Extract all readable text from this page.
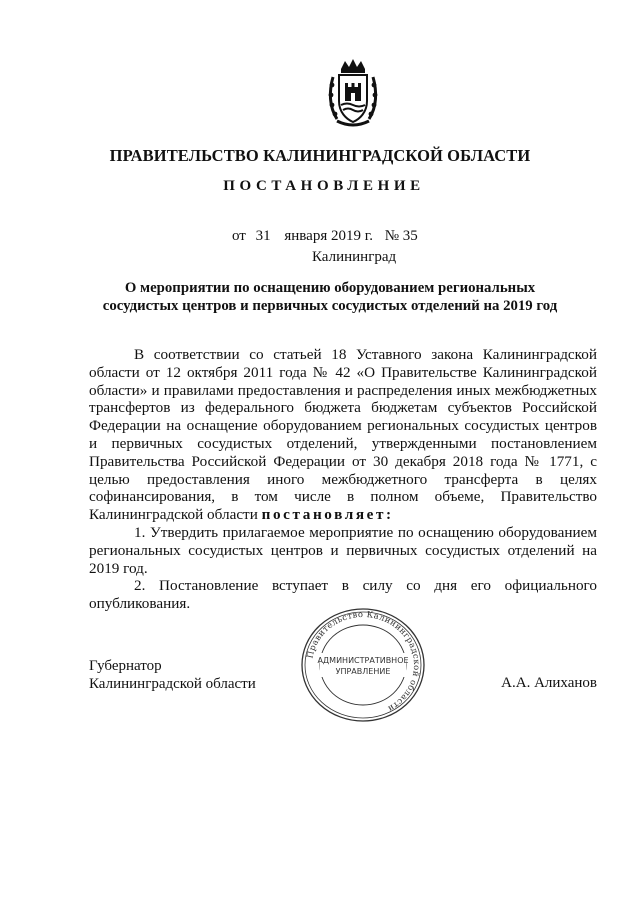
ПРАВИТЕЛЬСТВО КАЛИНИНГРАДСКОЙ ОБЛАСТИ
ПОСТАНОВЛЕНИЕ
от 31 января 2019 г. № 35
Калининград
О мероприятии по оснащению оборудованием региональных
сосудистых центров и первичных сосудистых отделений на 2019 год

В соответствии со статьей 18 Уставного закона Калининградской области от 12 октября 2011 года № 42 «О Правительстве Калининградской области» и правилами предоставления и распределения иных межбюджетных трансфертов из федерального бюджета бюджетам субъектов Российской Федерации на оснащение оборудованием региональных сосудистых центров и первичных сосудистых отделений, утвержденными постановлением Правительства Российской Федерации от 30 декабря 2018 года № 1771, с целью предоставления иного межбюджетного трансферта в целях софинансирования, в том числе в полном объеме, Правительство Калининградской области постановляет:

1. Утвердить прилагаемое мероприятие по оснащению оборудованием региональных сосудистых центров и первичных сосудистых отделений на 2019 год.

2. Постановление вступает в силу со дня его официального опубликования.

Губернатор
Калининградской области	А.А. Алиханов
Правительство Калининградской области
АДМИНИСТРАТИВНОЕ
УПРАВЛЕНИЕ
